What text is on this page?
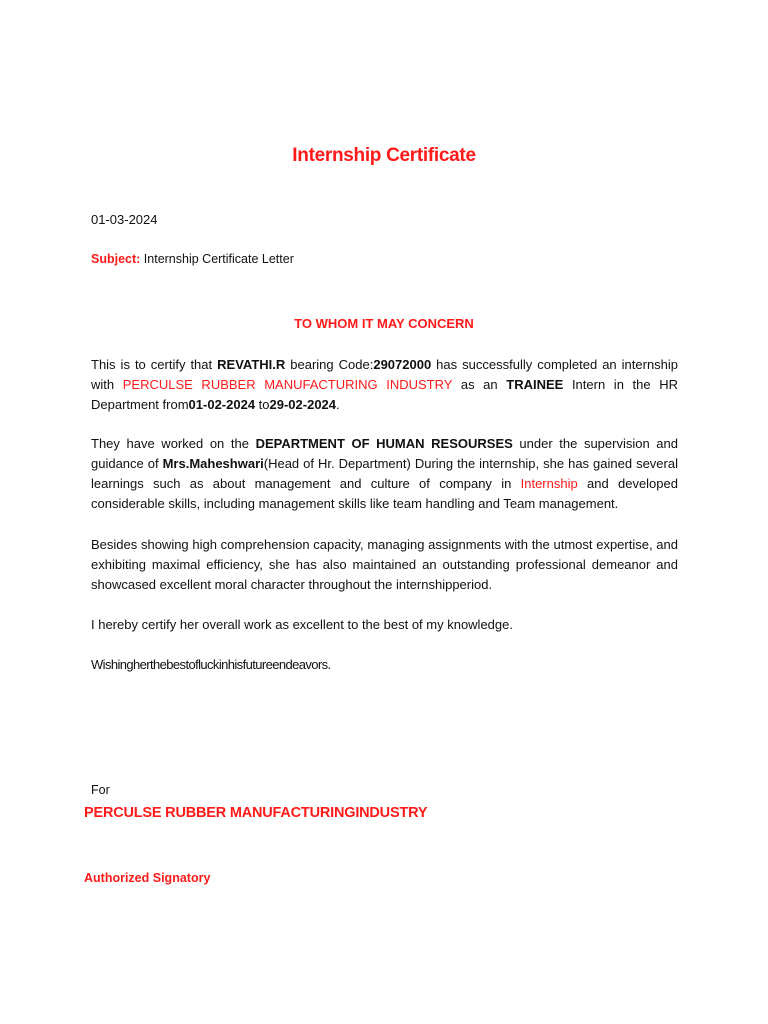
Internship Certificate
01-03-2024
Subject: Internship Certificate Letter
TO WHOM IT MAY CONCERN
This is to certify that REVATHI.R bearing Code:29072000 has successfully completed an internship with PERCULSE RUBBER MANUFACTURING INDUSTRY as an TRAINEE Intern in the HR Department from01-02-2024 to29-02-2024.
They have worked on the DEPARTMENT OF HUMAN RESOURSES under the supervision and guidance of Mrs.Maheshwari(Head of Hr. Department) During the internship, she has gained several learnings such as about management and culture of company in Internship and developed considerable skills, including management skills like team handling and Team management.
Besides showing high comprehension capacity, managing assignments with the utmost expertise, and exhibiting maximal efficiency, she has also maintained an outstanding professional demeanor and showcased excellent moral character throughout the internshipperiod.
I hereby certify her overall work as excellent to the best of my knowledge.
Wishingherthebestofluckinhisfutureendeavors.
For
PERCULSE RUBBER MANUFACTURINGINDUSTRY
Authorized Signatory
